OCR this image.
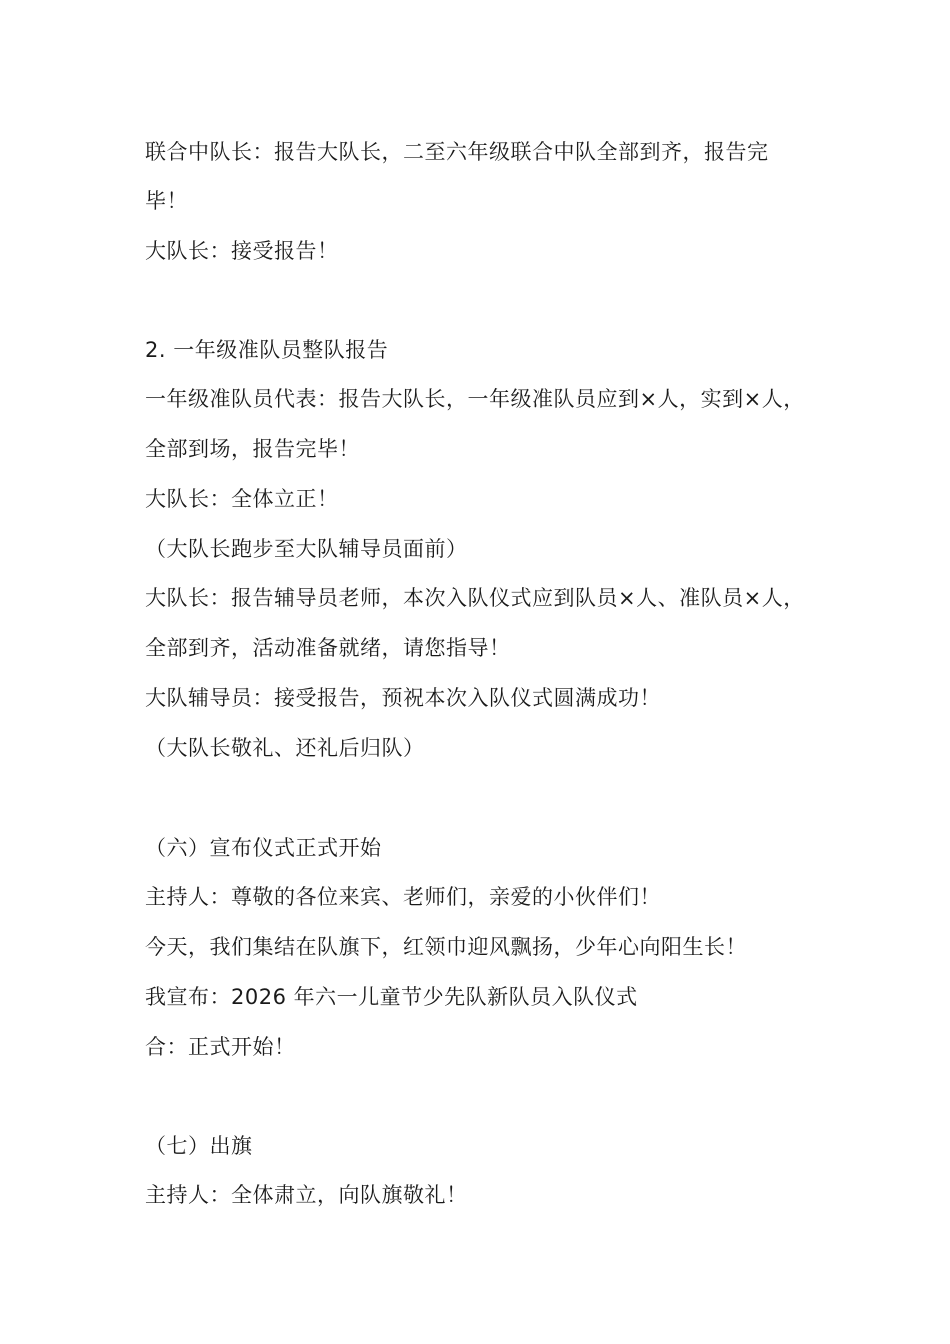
联合中队长：报告大队长，二至六年级联合中队全部到齐，报告完
毕！
大队长：接受报告！
2. 一年级准队员整队报告
一年级准队员代表：报告大队长，一年级准队员应到×人，实到×人，
全部到场，报告完毕！
大队长：全体立正！
（大队长跑步至大队辅导员面前）
大队长：报告辅导员老师，本次入队仪式应到队员×人、准队员×人，
全部到齐，活动准备就绪，请您指导！
大队辅导员：接受报告，预祝本次入队仪式圆满成功！
（大队长敬礼、还礼后归队）
（六）宣布仪式正式开始
主持人：尊敬的各位来宾、老师们，亲爱的小伙伴们！
今天，我们集结在队旗下，红领巾迎风飘扬，少年心向阳生长！
我宣布：2026 年六一儿童节少先队新队员入队仪式
合：正式开始！
（七）出旗
主持人：全体肃立，向队旗敬礼！
